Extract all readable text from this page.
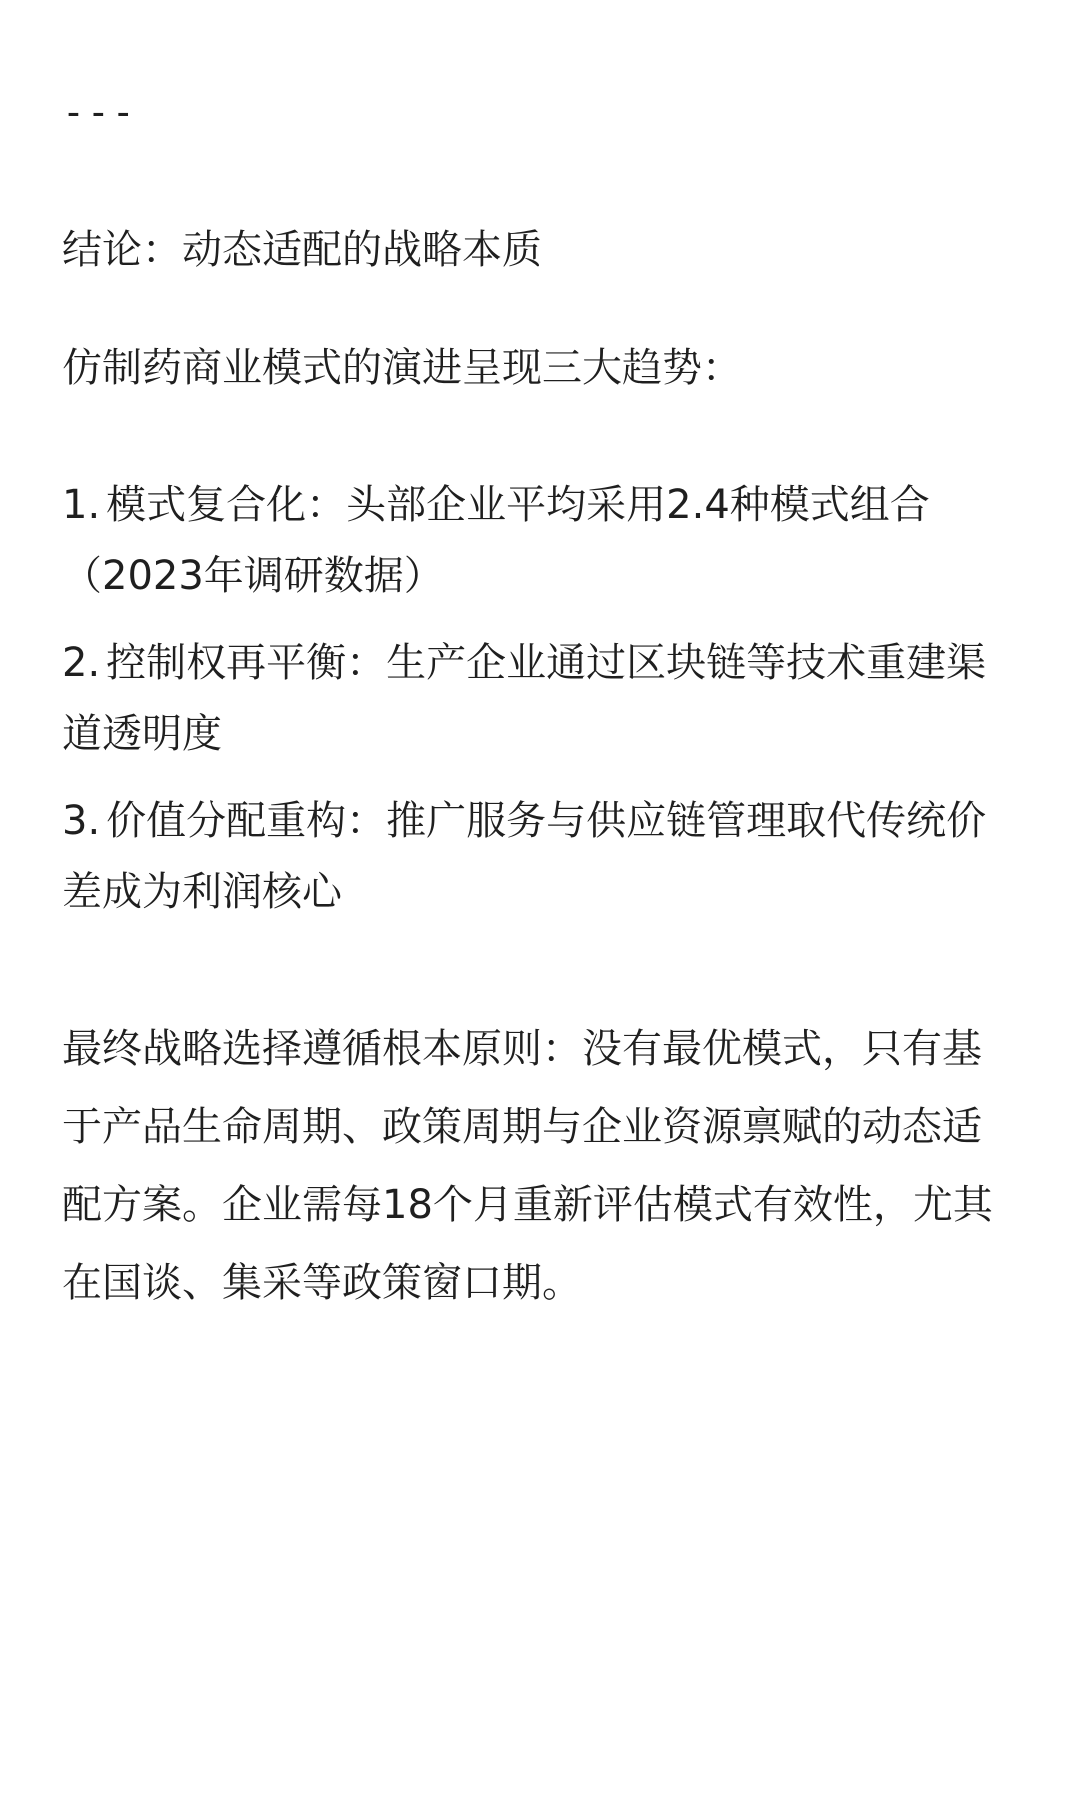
---
结论：动态适配的战略本质
仿制药商业模式的演进呈现三大趋势：
1. 模式复合化：头部企业平均采用2.4种模式组合（2023年调研数据）
2. 控制权再平衡：生产企业通过区块链等技术重建渠道透明度
3. 价值分配重构：推广服务与供应链管理取代传统价差成为利润核心
最终战略选择遵循根本原则：没有最优模式，只有基于产品生命周期、政策周期与企业资源禀赋的动态适配方案。企业需每18个月重新评估模式有效性，尤其在国谈、集采等政策窗口期。
